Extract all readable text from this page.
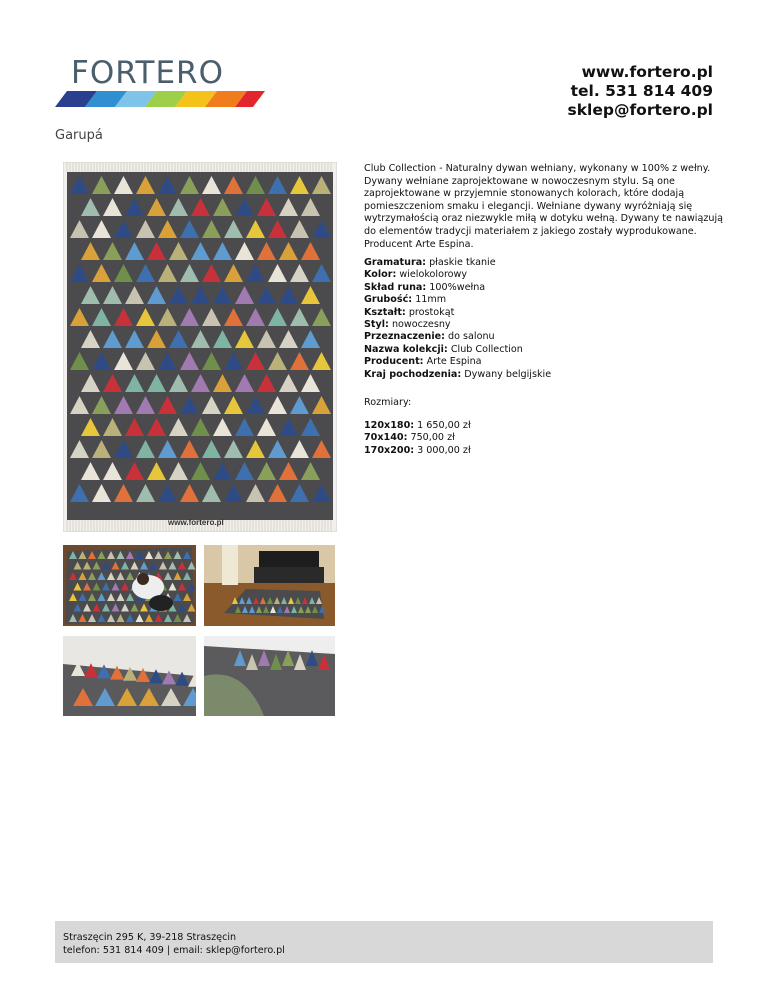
FORTERO	www.fortero.pl
tel. 531 814 409
sklep@fortero.pl
Garupá
www.fortero.pl
Club Collection - Naturalny dywan wełniany, wykonany w 100% z wełny. Dywany wełniane zaprojektowane w nowoczesnym stylu. Są one zaprojektowane w przyjemnie stonowanych kolorach, które dodają pomieszczeniom smaku i elegancji. Wełniane dywany wyróżniają się wytrzymałością oraz niezwykle miłą w dotyku wełną. Dywany te nawiązują do elementów tradycji materiałem z jakiego zostały wyprodukowane. Producent Arte Espina.
Gramatura: płaskie tkanie
Kolor: wielokolorowy
Skład runa: 100%wełna
Grubość: 11mm
Kształt: prostokąt
Styl: nowoczesny
Przeznaczenie: do salonu
Nazwa kolekcji: Club Collection
Producent: Arte Espina
Kraj pochodzenia: Dywany belgijskie
Rozmiary:
120x180: 1 650,00 zł
70x140: 750,00 zł
170x200: 3 000,00 zł
Straszęcin 295 K, 39-218 Straszęcin
telefon: 531 814 409 | email: sklep@fortero.pl
